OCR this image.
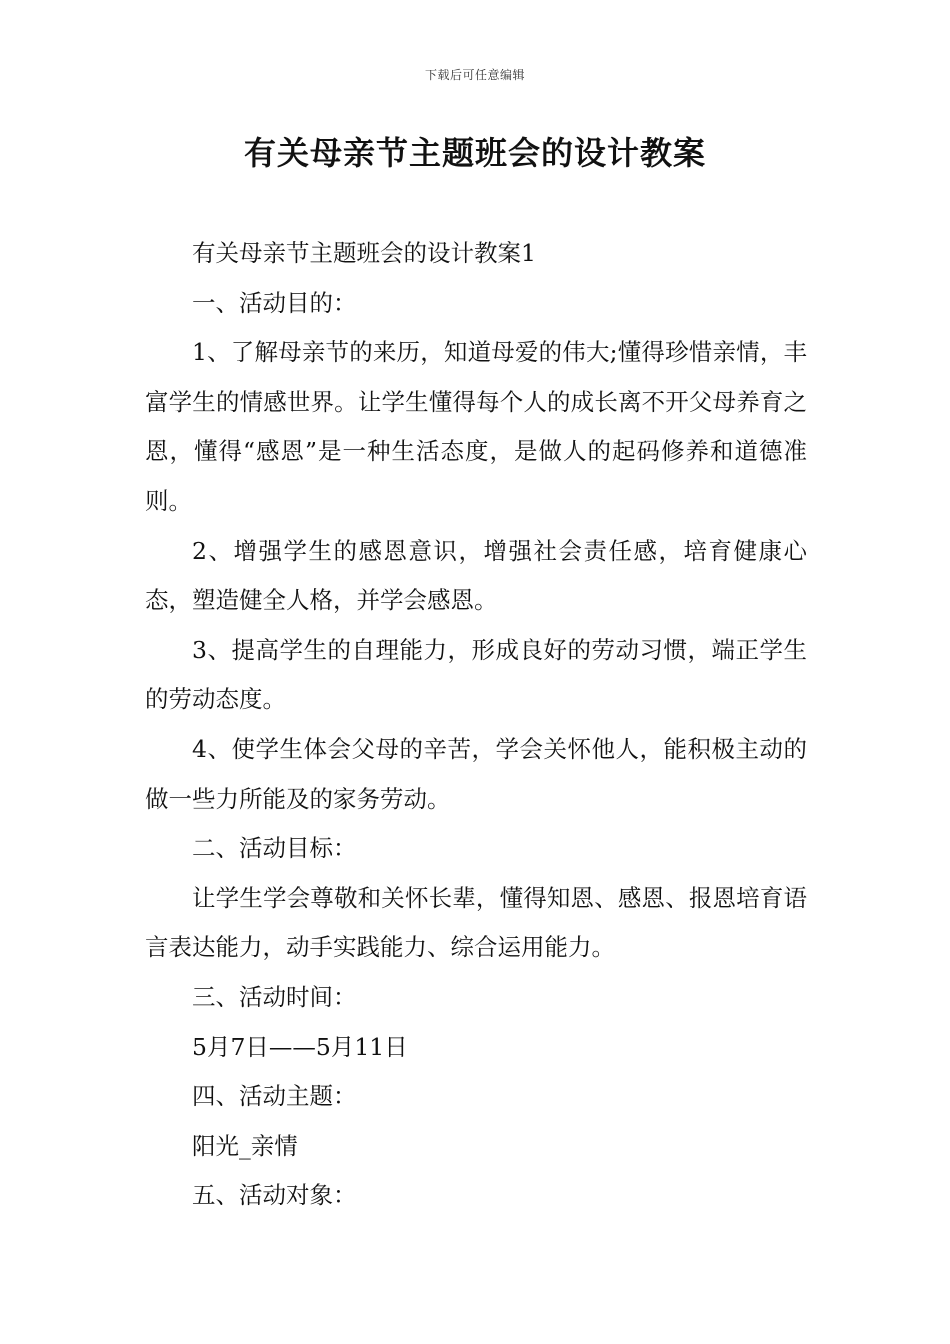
下载后可任意编辑
有关母亲节主题班会的设计教案

有关母亲节主题班会的设计教案1

一、活动目的：

1、了解母亲节的来历，知道母爱的伟大;懂得珍惜亲情，丰富学生的情感世界。让学生懂得每个人的成长离不开父母养育之恩，懂得“感恩”是一种生活态度，是做人的起码修养和道德准则。

2、增强学生的感恩意识，增强社会责任感，培育健康心态，塑造健全人格，并学会感恩。

3、提高学生的自理能力，形成良好的劳动习惯，端正学生的劳动态度。

4、使学生体会父母的辛苦，学会关怀他人，能积极主动的做一些力所能及的家务劳动。

二、活动目标：

让学生学会尊敬和关怀长辈，懂得知恩、感恩、报恩培育语言表达能力，动手实践能力、综合运用能力。

三、活动时间：

5月7日——5月11日

四、活动主题：

阳光_亲情

五、活动对象：
